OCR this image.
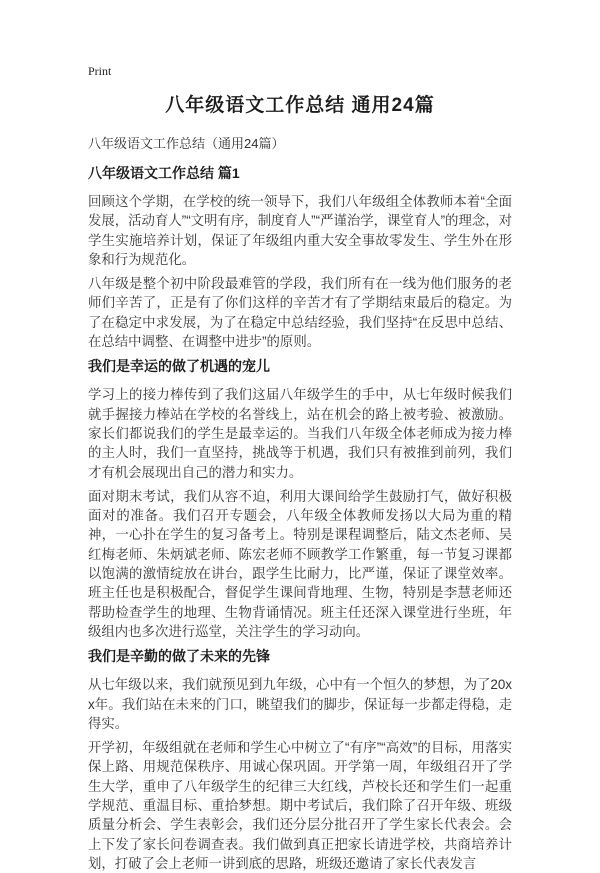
Print
八年级语文工作总结 通用24篇
八年级语文工作总结（通用24篇）
八年级语文工作总结 篇1

回顾这个学期，在学校的统一领导下，我们八年级组全体教师本着“全面发展，活动育人”“文明有序，制度育人”“严谨治学，课堂育人”的理念，对学生实施培养计划，保证了年级组内重大安全事故零发生、学生外在形象和行为规范化。

八年级是整个初中阶段最难管的学段，我们所有在一线为他们服务的老师们辛苦了，正是有了你们这样的辛苦才有了学期结束最后的稳定。为了在稳定中求发展，为了在稳定中总结经验，我们坚持“在反思中总结、在总结中调整、在调整中进步”的原则。

我们是幸运的做了机遇的宠儿

学习上的接力棒传到了我们这届八年级学生的手中，从七年级时候我们就手握接力棒站在学校的名誉线上，站在机会的路上被考验、被激励。家长们都说我们的学生是最幸运的。当我们八年级全体老师成为接力棒的主人时，我们一直坚持，挑战等于机遇，我们只有被推到前列，我们才有机会展现出自己的潜力和实力。

面对期末考试，我们从容不迫，利用大课间给学生鼓励打气，做好积极面对的准备。我们召开专题会，八年级全体教师发扬以大局为重的精神，一心扑在学生的复习备考上。特别是课程调整后，陆文杰老师、吴红梅老师、朱炳斌老师、陈宏老师不顾教学工作繁重，每一节复习课都以饱满的激情绽放在讲台，跟学生比耐力，比严谨，保证了课堂效率。班主任也是积极配合，督促学生课间背地理、生物，特别是李慧老师还帮助检查学生的地理、生物背诵情况。班主任还深入课堂进行坐班，年级组内也多次进行巡堂，关注学生的学习动向。

我们是辛勤的做了未来的先锋

从七年级以来，我们就预见到九年级，心中有一个恒久的梦想，为了20xx年。我们站在未来的门口，眺望我们的脚步，保证每一步都走得稳，走得实。

开学初，年级组就在老师和学生心中树立了“有序”“高效”的目标，用落实保上路、用规范保秩序、用诚心保巩固。开学第一周，年级组召开了学生大学，重申了八年级学生的纪律三大红线，芦校长还和学生们一起重学规范、重温目标、重拾梦想。期中考试后，我们除了召开年级、班级质量分析会、学生表彰会，我们还分层分批召开了学生家长代表会。会上下发了家长问卷调查表。我们做到真正把家长请进学校，共商培养计划，打破了会上老师一讲到底的思路，班级还邀请了家长代表发言
